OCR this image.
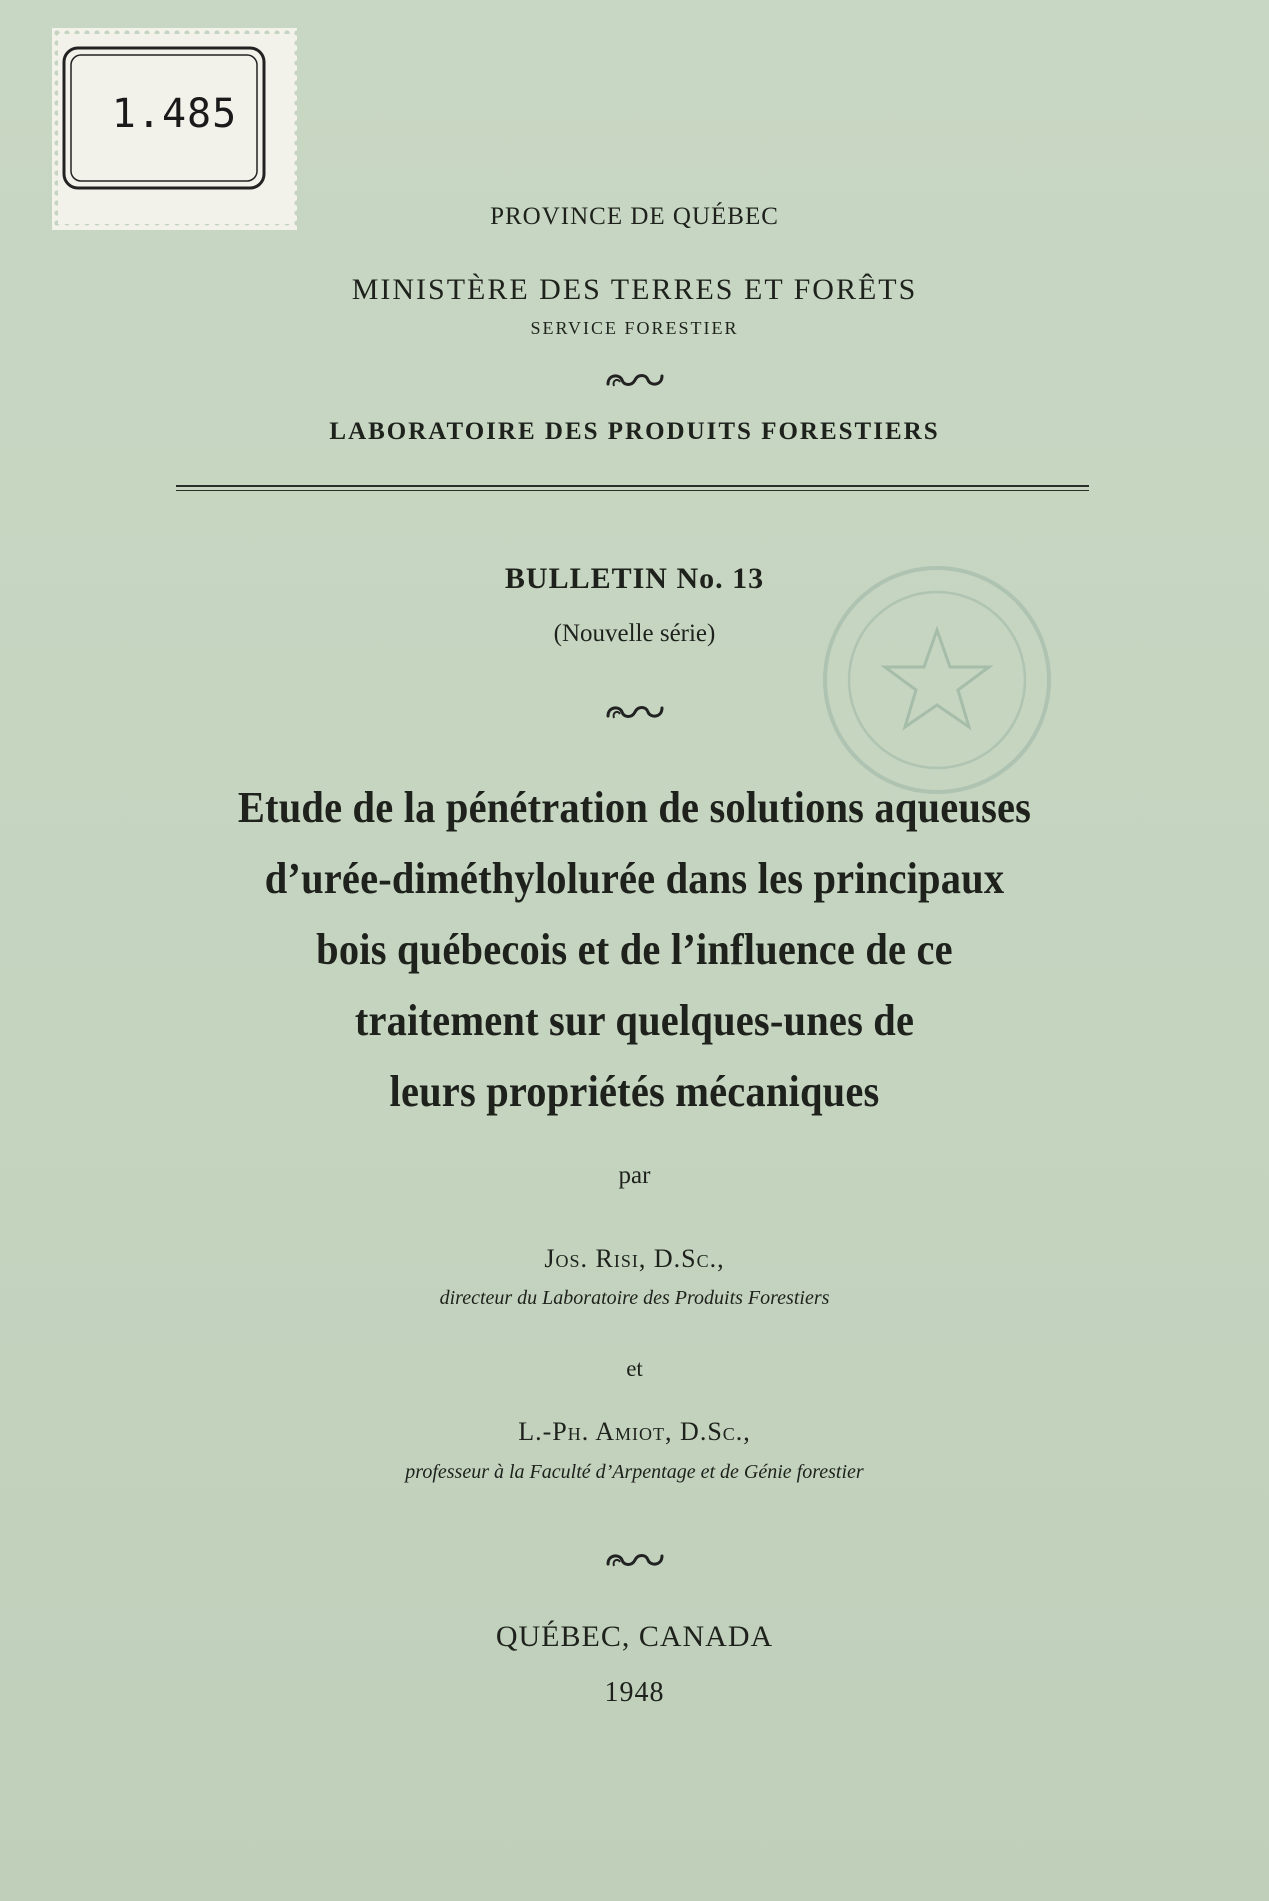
1.485
PROVINCE DE QUÉBEC
MINISTÈRE DES TERRES ET FORÊTS
SERVICE FORESTIER
LABORATOIRE DES PRODUITS FORESTIERS
BULLETIN No. 13
(Nouvelle série)
Etude de la pénétration de solutions aqueuses
d’urée-diméthylolurée dans les principaux
bois québecois et de l’influence de ce
traitement sur quelques-unes de
leurs propriétés mécaniques
par
Jos. Risi, D.Sc.,
directeur du Laboratoire des Produits Forestiers
et
L.-Ph. Amiot, D.Sc.,
professeur à la Faculté d’Arpentage et de Génie forestier
QUÉBEC, CANADA
1948
